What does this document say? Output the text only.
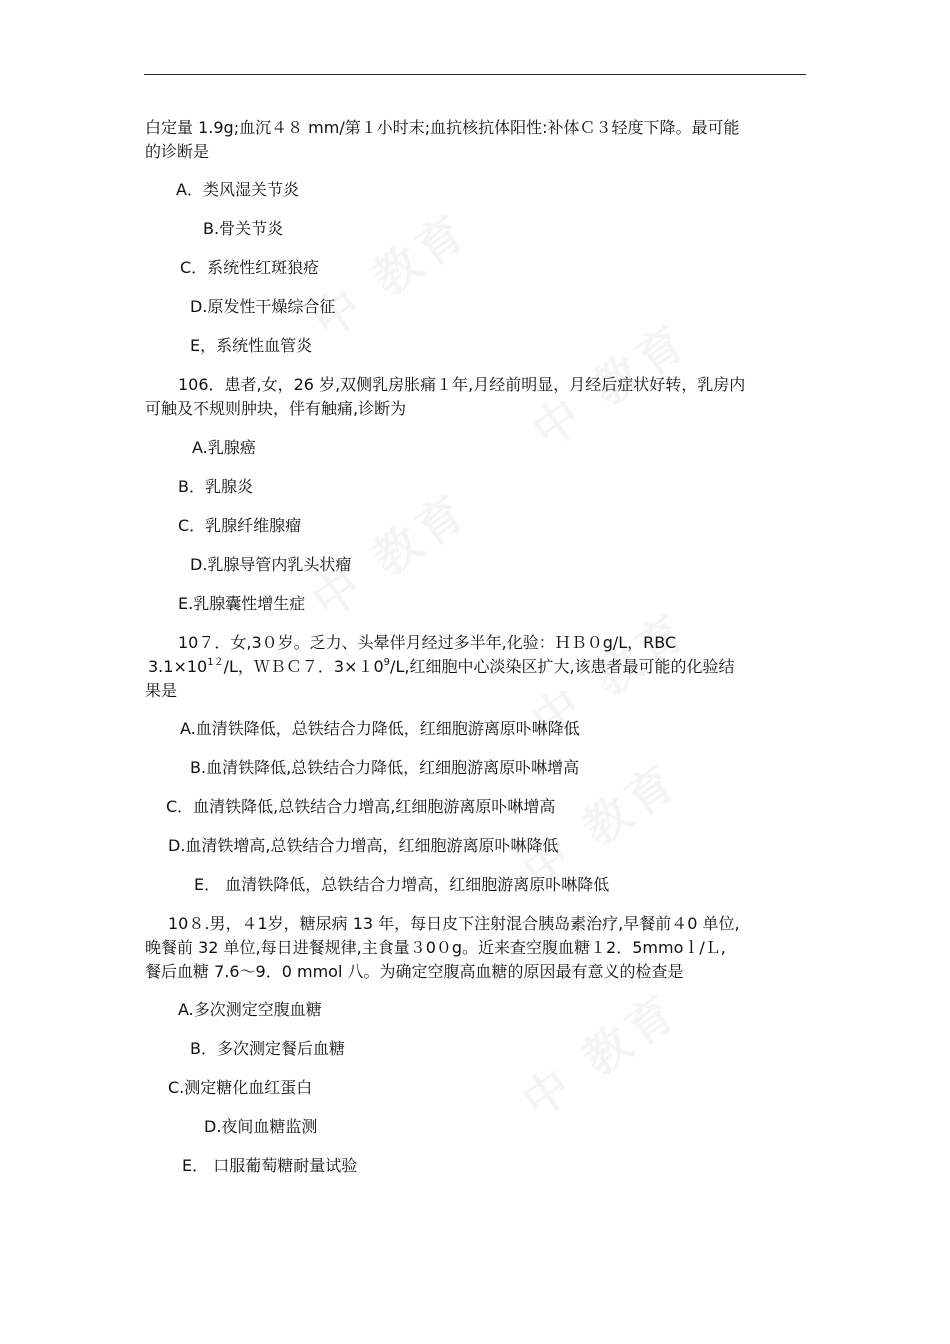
白定量 1.9g;血沉４８ mm/第１小时末;血抗核抗体阳性:补体Ｃ３轻度下降。最可能
的诊断是
A．类风湿关节炎
B.骨关节炎
C．系统性红斑狼疮
D.原发性干燥综合征
E，系统性血管炎
106．患者,女，26 岁,双侧乳房胀痛１年,月经前明显，月经后症状好转，乳房内
可触及不规则肿块，伴有触痛,诊断为
A.乳腺癌
B．乳腺炎
C．乳腺纤维腺瘤
D.乳腺导管内乳头状瘤
E.乳腺囊性增生症
10７．女,3０岁。乏力、头晕伴月经过多半年,化验：ＨＢ０g/L，RBC
$3.1\times 10^{12}/L$，ＷＢＣ７．$3\times 10^9/L$,红细胞中心淡染区扩大,该患者最可能的化验结
果是
A.血清铁降低，总铁结合力降低，红细胞游离原卟啉降低
B.血清铁降低,总铁结合力降低，红细胞游离原卟啉增高
C．血清铁降低,总铁结合力增高,红细胞游离原卟啉增高
D.血清铁增高,总铁结合力增高，红细胞游离原卟啉降低
E． 血清铁降低，总铁结合力增高，红细胞游离原卟啉降低
10８.男，４1岁，糖尿病 13 年，每日皮下注射混合胰岛素治疗,早餐前４0 单位,
晚餐前 32 单位,每日进餐规律,主食量３0０g。近来查空腹血糖１2．5mmoｌ/Ｌ,
餐后血糖 7.6～9．0 mmol 八。为确定空腹高血糖的原因最有意义的检查是
A.多次测定空腹血糖
B．多次测定餐后血糖
C.测定糖化血红蛋白
D.夜间血糖监测
E． 口服葡萄糖耐量试验
